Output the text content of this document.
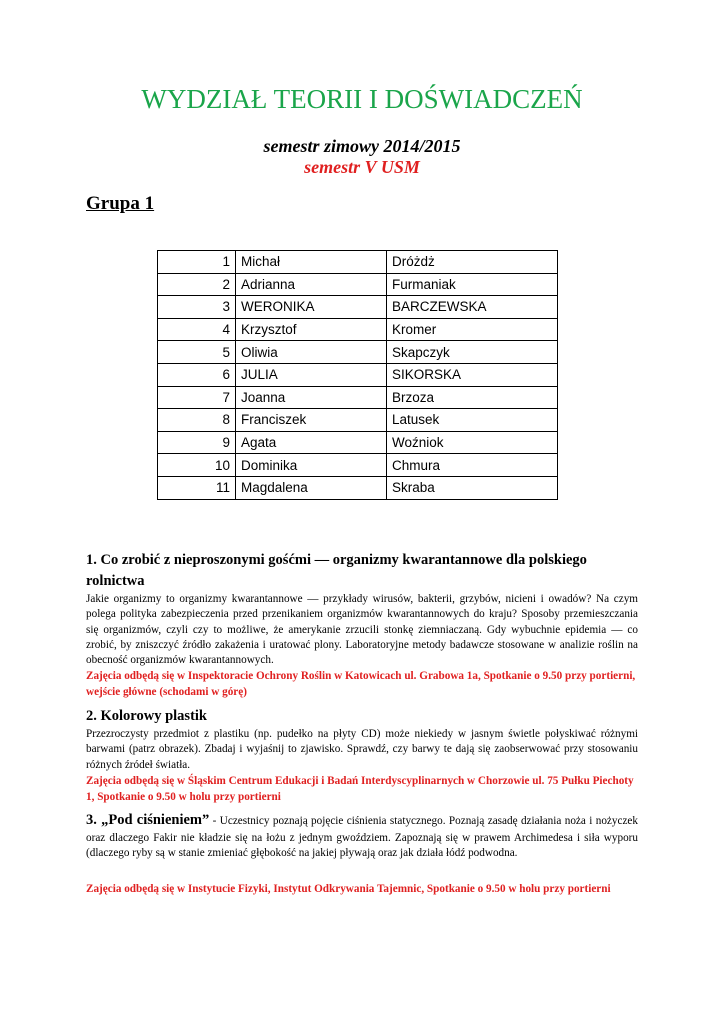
WYDZIAŁ TEORII I DOŚWIADCZEŃ
semestr zimowy 2014/2015
semestr V USM
Grupa 1
1	Michał	Dróżdż
2	Adrianna	Furmaniak
3	WERONIKA	BARCZEWSKA
4	Krzysztof	Kromer
5	Oliwia	Skapczyk
6	JULIA	SIKORSKA
7	Joanna	Brzoza
8	Franciszek	Latusek
9	Agata	Woźniok
10	Dominika	Chmura
11	Magdalena	Skraba
1. Co zrobić z nieproszonymi gośćmi — organizmy kwarantannowe dla polskiego rolnictwa
Jakie organizmy to organizmy kwarantannowe — przykłady wirusów, bakterii, grzybów, nicieni i owadów? Na czym polega polityka zabezpieczenia przed przenikaniem organizmów kwarantannowych do kraju? Sposoby przemieszczania się organizmów, czyli czy to możliwe, że amerykanie zrzucili stonkę ziemniaczaną. Gdy wybuchnie epidemia — co zrobić, by zniszczyć źródło zakażenia i uratować plony. Laboratoryjne metody badawcze stosowane w analizie roślin na obecność organizmów kwarantannowych.
Zajęcia odbędą się w Inspektoracie Ochrony Roślin w Katowicach ul. Grabowa 1a, Spotkanie o 9.50 przy portierni, wejście główne (schodami w górę)
2. Kolorowy plastik
Przezroczysty przedmiot z plastiku (np. pudełko na płyty CD) może niekiedy w jasnym świetle połyskiwać różnymi barwami (patrz obrazek). Zbadaj i wyjaśnij to zjawisko. Sprawdź, czy barwy te dają się zaobserwować przy stosowaniu różnych źródeł światła.
Zajęcia odbędą się w Śląskim Centrum Edukacji i Badań Interdyscyplinarnych w Chorzowie ul. 75 Pułku Piechoty 1, Spotkanie o 9.50 w holu przy portierni
3. „Pod ciśnieniem” - Uczestnicy poznają pojęcie ciśnienia statycznego. Poznają zasadę działania noża i nożyczek oraz dlaczego Fakir nie kładzie się na łożu z jednym gwoździem. Zapoznają się w prawem Archimedesa i siła wyporu (dlaczego ryby są w stanie zmieniać głębokość na jakiej pływają oraz jak działa łódź podwodna.
Zajęcia odbędą się w Instytucie Fizyki, Instytut Odkrywania Tajemnic, Spotkanie o 9.50 w holu przy portierni
